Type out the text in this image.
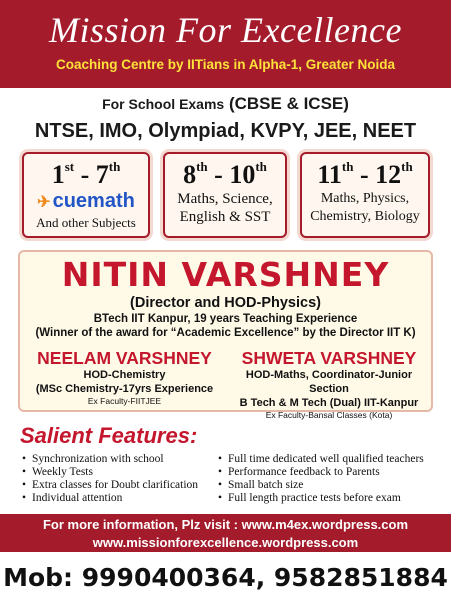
Mission For Excellence
Coaching Centre by IITians in Alpha-1, Greater Noida
For School Exams (CBSE & ICSE)
NTSE, IMO, Olympiad, KVPY, JEE, NEET
1st - 7th
✈ cuemath
And other Subjects
8th - 10th
Maths, Science,
English & SST
11th - 12th
Maths, Physics,
Chemistry, Biology
NITIN VARSHNEY
(Director and HOD-Physics)
BTech IIT Kanpur, 19 years Teaching Experience
(Winner of the award for “Academic Excellence” by the Director IIT K)
NEELAM VARSHNEY
HOD-Chemistry
(MSc Chemistry-17yrs Experience
Ex Faculty-FIITJEE
SHWETA VARSHNEY
HOD-Maths, Coordinator-Junior Section
B Tech & M Tech (Dual) IIT-Kanpur
Ex Faculty-Bansal Classes (Kota)
Salient Features:
• Synchronization with school
• Weekly Tests
• Extra classes for Doubt clarification
• Individual attention
• Full time dedicated well qualified teachers
• Performance feedback to Parents
• Small batch size
• Full length practice tests before exam
For more information, Plz visit : www.m4ex.wordpress.com
www.missionforexcellence.wordpress.com
Mob: 9990400364, 9582851884
